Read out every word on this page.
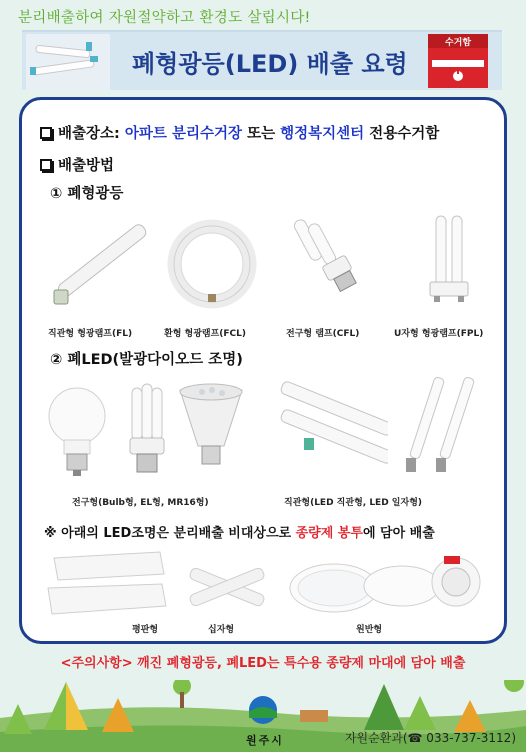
분리배출하여 자원절약하고 환경도 살립시다!
폐형광등(LED) 배출 요령
수거함
배출장소: 아파트 분리수거장 또는 행정복지센터 전용수거함
배출방법
① 폐형광등
직관형 형광램프(FL)	환형 형광램프(FCL)	전구형 램프(CFL)	U자형 형광램프(FPL)
② 폐LED(발광다이오드 조명)
전구형(Bulb형, EL형, MR16형)	직관형(LED 직관형, LED 일자형)
※ 아래의 LED조명은 분리배출 비대상으로 종량제 봉투에 담아 배출
평판형	십자형	원반형
<주의사항> 깨진 폐형광등, 폐LED는 특수용 종량제 마대에 담아 배출
원주시	자원순환과(☎ 033-737-3112)
